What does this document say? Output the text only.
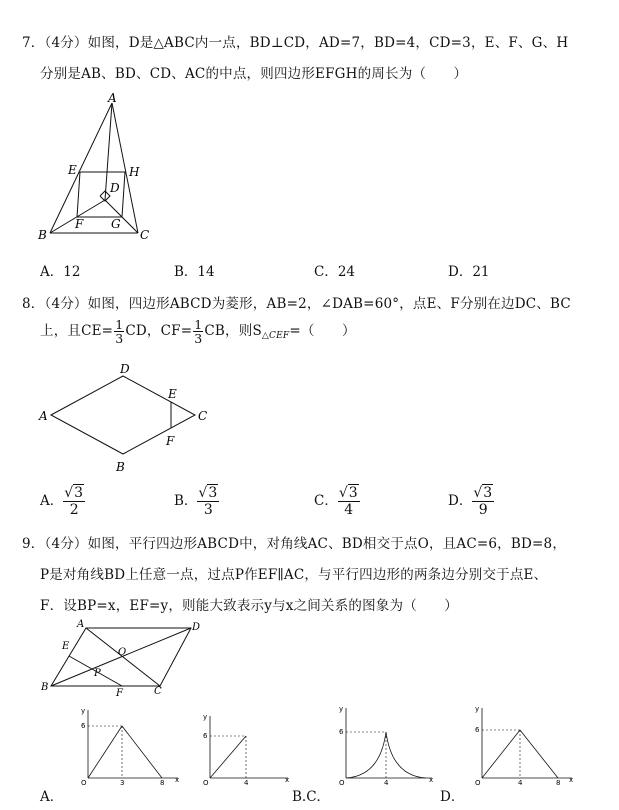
7．（4分）如图，D是△ABC内一点，BD⊥CD，AD=7，BD=4，CD=3，E、F、G、H
分别是AB、BD、CD、AC的中点，则四边形EFGH的周长为（　　）
A
E	H
D
F G
B	C
A．12	B．14	C．24	D．21
8．（4分）如图，四边形ABCD为菱形，AB=2，∠DAB=60°，点E、F分别在边DC、BC
上，且$CE= \frac{1}{3}$ CD，$CF= \frac{1}{3}$ CB，则$S_{\triangle CEF}=$（　　）
D
E
C
A
F
B
A． $\frac{√3}{2}$	B． $\frac{√3}{3}$	C． $\frac{√3}{4}$	D． $\frac{√3}{9}$
9．（4分）如图，平行四边形ABCD中，对角线AC、BD相交于点O，且AC=6，BD=8，
P是对角线BD上任意一点，过点P作EF∥AC，与平行四边形的两条边分别交于点E、
F．设BP=x，EF=y，则能大致表示y与x之间关系的图象为（　　）
A	D
E
O
P
B
F	C
y
6
O	3	8 x
A．
y
6
O	4	x
B.C．
y
6
O	4	x
y
6
O	4	8 x
D．
